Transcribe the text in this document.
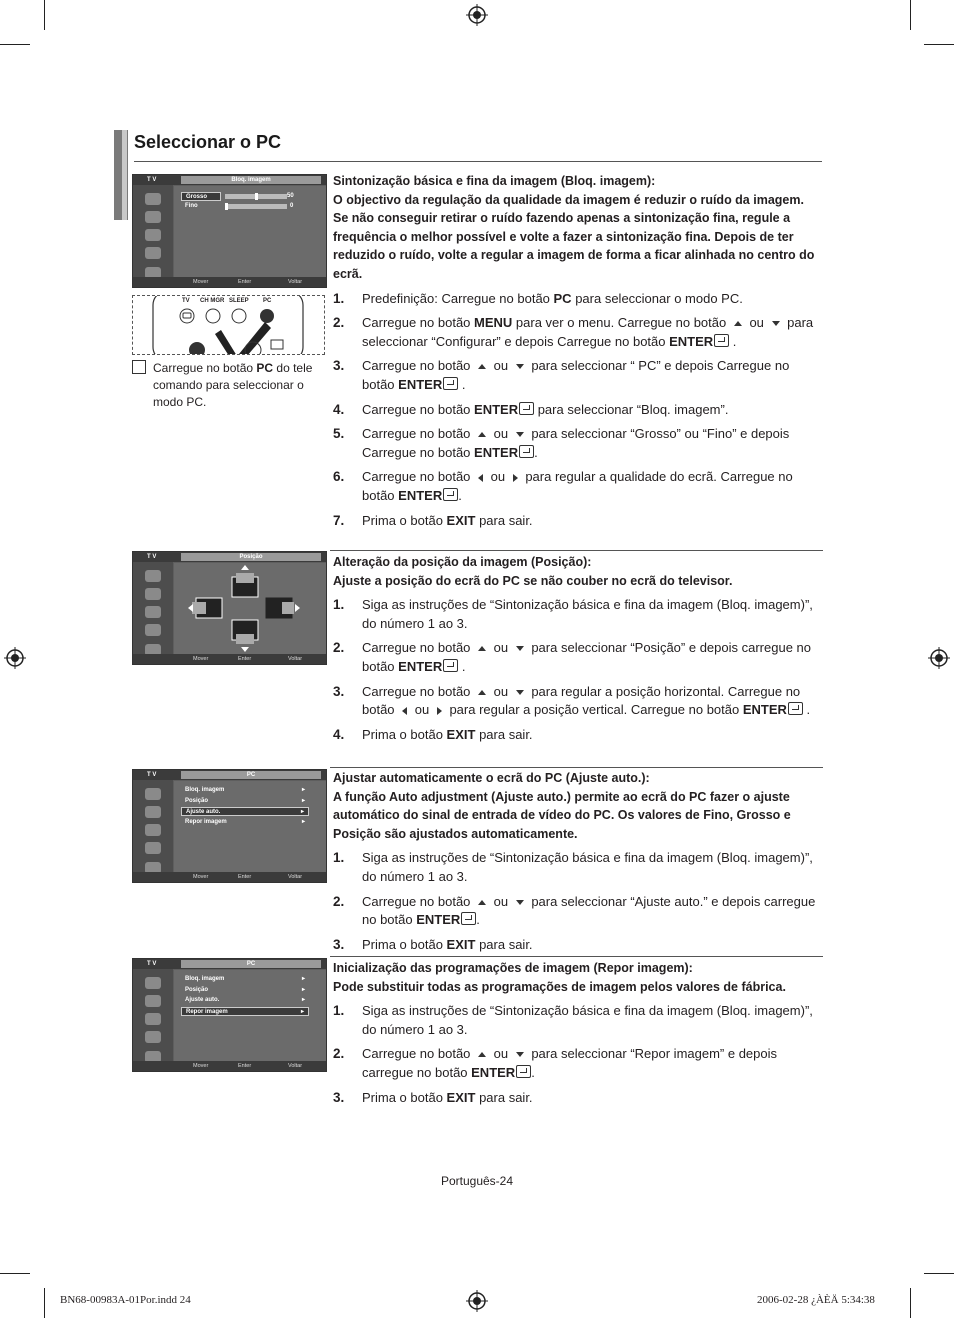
Seleccionar o PC
T V	Bloq. imagem
Grosso	50
Fino	0
Mover	Enter	Voltar
TV CH MGR SLEEP PC
Carregue no botão PC do tele comando para seleccionar o modo PC.
T V	Posição
Mover	Enter	Voltar
T V	PC
Bloq. imagem	▸
Posição	▸
Ajuste auto.	▸
Repor imagem	▸
Mover	Enter	Voltar
T V	PC
Bloq. imagem	▸
Posição	▸
Ajuste auto.	▸
Repor imagem	▸
Mover	Enter	Voltar
Sintonização básica e fina da imagem (Bloq. imagem):
O objectivo da regulação da qualidade da imagem é reduzir o ruído da imagem. Se não conseguir retirar o ruído fazendo apenas a sintonização fina, regule a frequência o melhor possível e volte a fazer a sintonização fina. Depois de ter reduzido o ruído, volte a regular a imagem de forma a ficar alinhada no centro do ecrã.
1.	Predefinição: Carregue no botão PC para seleccionar o modo PC.
2.	Carregue no botão MENU para ver o menu. Carregue no botão  ou  para seleccionar “Configurar” e depois Carregue no botão ENTER .
3.	Carregue no botão  ou  para seleccionar “ PC” e depois Carregue no botão ENTER .
4.	Carregue no botão ENTER para seleccionar “Bloq. imagem”.
5.	Carregue no botão  ou  para seleccionar “Grosso” ou “Fino” e depois Carregue no botão ENTER .
6.	Carregue no botão  ou  para regular a qualidade do ecrã. Carregue no botão ENTER .
7.	Prima o botão EXIT para sair.
Alteração da posição da imagem (Posição):
Ajuste a posição do ecrã do PC se não couber no ecrã do televisor.
1.	Siga as instruções de “Sintonização básica e fina da imagem (Bloq. imagem)”, do número 1 ao 3.
2.	Carregue no botão  ou  para seleccionar “Posição” e depois carregue no botão ENTER .
3.	Carregue no botão  ou  para regular a posição horizontal. Carregue no botão  ou  para regular a posição vertical. Carregue no botão ENTER .
4.	Prima o botão EXIT para sair.
Ajustar automaticamente o ecrã do PC (Ajuste auto.):
A função Auto adjustment (Ajuste auto.) permite ao ecrã do PC fazer o ajuste automático do sinal de entrada de vídeo do PC. Os valores de Fino, Grosso e Posição são ajustados automaticamente.
1.	Siga as instruções de “Sintonização básica e fina da imagem (Bloq. imagem)”, do número 1 ao 3.
2.	Carregue no botão  ou  para seleccionar “Ajuste auto.” e depois carregue no botão ENTER .
3.	Prima o botão EXIT para sair.
Inicialização das programações de imagem (Repor imagem):
Pode substituir todas as programações de imagem pelos valores de fábrica.
1.	Siga as instruções de “Sintonização básica e fina da imagem (Bloq. imagem)”, do número 1 ao 3.
2.	Carregue no botão  ou  para seleccionar “Repor imagem” e depois carregue no botão ENTER .
3.	Prima o botão EXIT para sair.
Português-24
BN68-00983A-01Por.indd 24	2006-02-28 ¿ÀÈÄ 5:34:38
